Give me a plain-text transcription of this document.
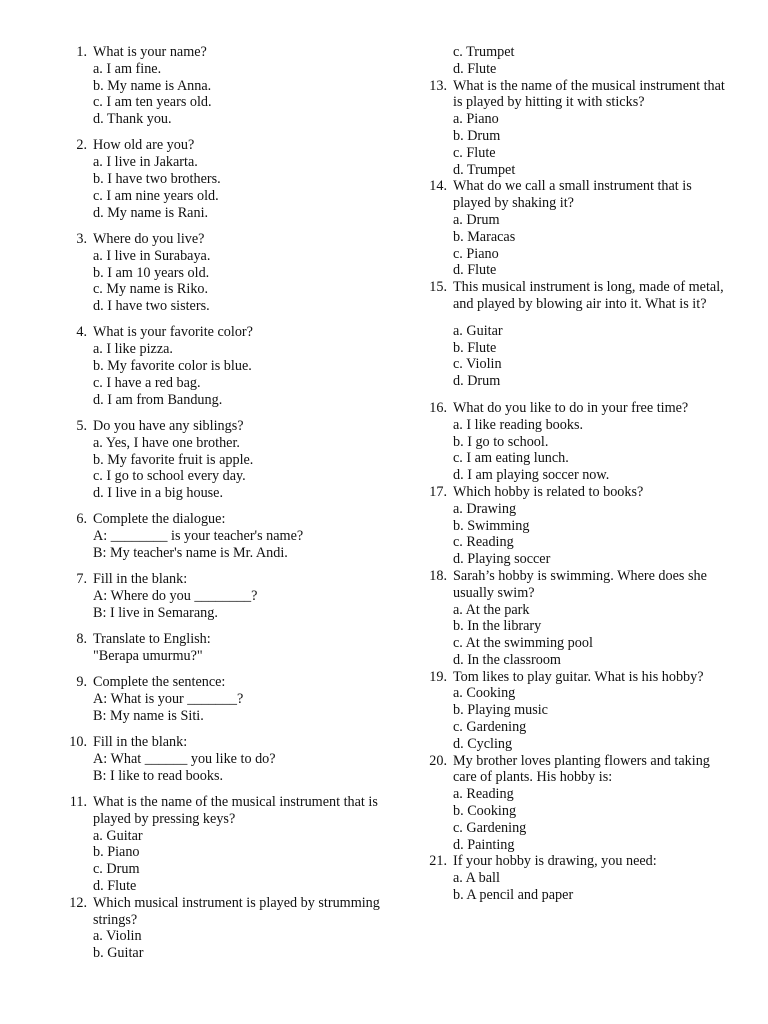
1. What is your name?
a. I am fine.
b. My name is Anna.
c. I am ten years old.
d. Thank you.
2. How old are you?
a. I live in Jakarta.
b. I have two brothers.
c. I am nine years old.
d. My name is Rani.
3. Where do you live?
a. I live in Surabaya.
b. I am 10 years old.
c. My name is Riko.
d. I have two sisters.
4. What is your favorite color?
a. I like pizza.
b. My favorite color is blue.
c. I have a red bag.
d. I am from Bandung.
5. Do you have any siblings?
a. Yes, I have one brother.
b. My favorite fruit is apple.
c. I go to school every day.
d. I live in a big house.
6. Complete the dialogue:
A: ________ is your teacher's name?
B: My teacher's name is Mr. Andi.
7. Fill in the blank:
A: Where do you ________?
B: I live in Semarang.
8. Translate to English:
"Berapa umurmu?"
9. Complete the sentence:
A: What is your _______?
B: My name is Siti.
10. Fill in the blank:
A: What ______ you like to do?
B: I like to read books.
11. What is the name of the musical instrument that is played by pressing keys?
a. Guitar
b. Piano
c. Drum
d. Flute
12. Which musical instrument is played by strumming strings?
a. Violin
b. Guitar
c. Trumpet
d. Flute
13. What is the name of the musical instrument that is played by hitting it with sticks?
a. Piano
b. Drum
c. Flute
d. Trumpet
14. What do we call a small instrument that is played by shaking it?
a. Drum
b. Maracas
c. Piano
d. Flute
15. This musical instrument is long, made of metal, and played by blowing air into it. What is it?
a. Guitar
b. Flute
c. Violin
d. Drum
16. What do you like to do in your free time?
a. I like reading books.
b. I go to school.
c. I am eating lunch.
d. I am playing soccer now.
17. Which hobby is related to books?
a. Drawing
b. Swimming
c. Reading
d. Playing soccer
18. Sarah’s hobby is swimming. Where does she usually swim?
a. At the park
b. In the library
c. At the swimming pool
d. In the classroom
19. Tom likes to play guitar. What is his hobby?
a. Cooking
b. Playing music
c. Gardening
d. Cycling
20. My brother loves planting flowers and taking care of plants. His hobby is:
a. Reading
b. Cooking
c. Gardening
d. Painting
21. If your hobby is drawing, you need:
a. A ball
b. A pencil and paper
